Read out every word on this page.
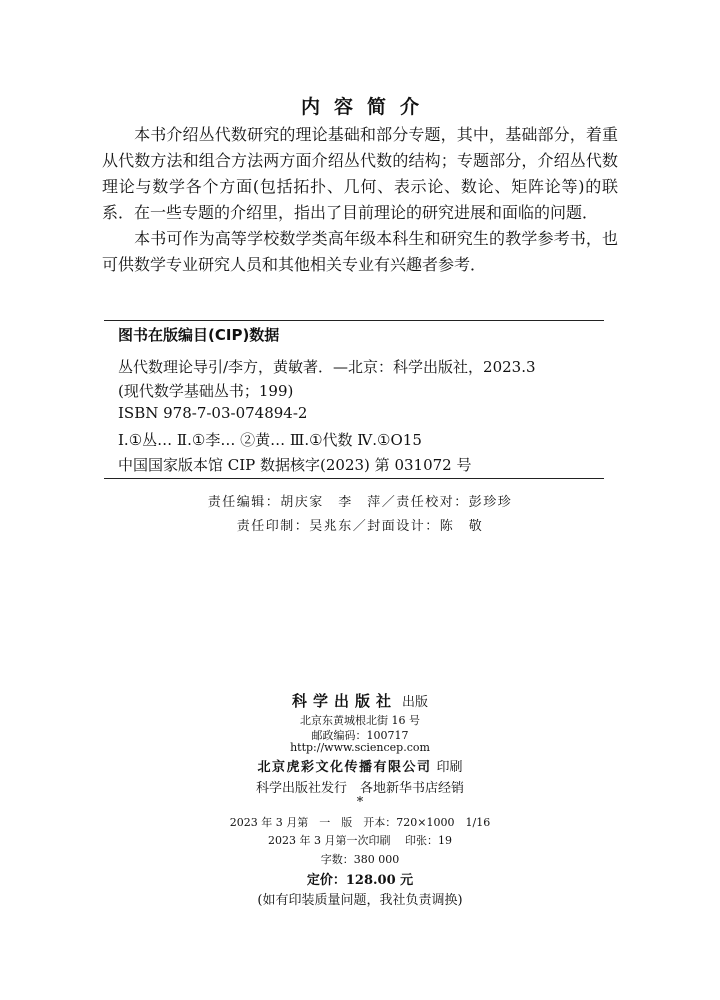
内容简介
本书介绍丛代数研究的理论基础和部分专题，其中，基础部分，着重从代数方法和组合方法两方面介绍丛代数的结构；专题部分，介绍丛代数理论与数学各个方面(包括拓扑、几何、表示论、数论、矩阵论等)的联系．在一些专题的介绍里，指出了目前理论的研究进展和面临的问题．
本书可作为高等学校数学类高年级本科生和研究生的教学参考书，也可供数学专业研究人员和其他相关专业有兴趣者参考．
图书在版编目(CIP)数据
丛代数理论导引/李方，黄敏著．—北京：科学出版社，2023.3
(现代数学基础丛书；199)
ISBN 978-7-03-074894-2
Ⅰ.①丛… Ⅱ.①李… ②黄… Ⅲ.①代数 Ⅳ.①O15
中国国家版本馆 CIP 数据核字(2023) 第 031072 号
责任编辑：胡庆家　李　萍／责任校对：彭珍珍
责任印制：吴兆东／封面设计：陈　敬
科学出版社 出版
北京东黄城根北街 16 号
邮政编码：100717
http://www.sciencep.com
北京虎彩文化传播有限公司 印刷
科学出版社发行　各地新华书店经销
*
2023 年 3 月第　一　版　开本：720×1000　1/16
2023 年 3 月第一次印刷　 印张：19
字数：380 000
定价：128.00 元
(如有印装质量问题，我社负责调换)
